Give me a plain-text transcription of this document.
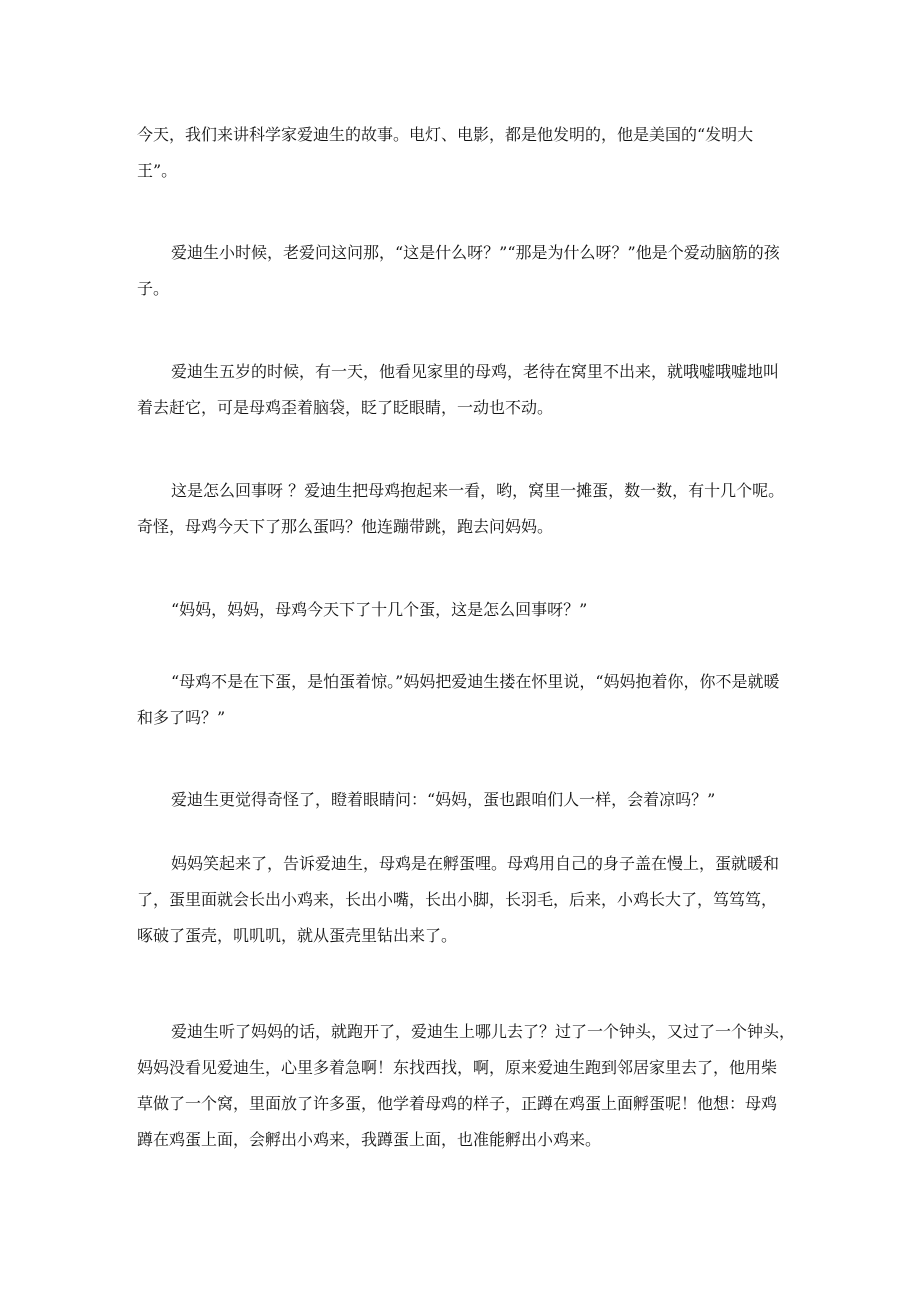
今天，我们来讲科学家爱迪生的故事。电灯、电影，都是他发明的，他是美国的“发明大
王”。
爱迪生小时候，老爱问这问那，“这是什么呀？”“那是为什么呀？”他是个爱动脑筋的孩
子。
爱迪生五岁的时候，有一天，他看见家里的母鸡，老待在窝里不出来，就哦嘘哦嘘地叫
着去赶它，可是母鸡歪着脑袋，眨了眨眼睛，一动也不动。
这是怎么回事呀 ？爱迪生把母鸡抱起来一看，哟，窝里一摊蛋，数一数，有十几个呢。
奇怪，母鸡今天下了那么蛋吗？他连蹦带跳，跑去问妈妈。
“妈妈，妈妈，母鸡今天下了十几个蛋，这是怎么回事呀？”
“母鸡不是在下蛋，是怕蛋着惊。”妈妈把爱迪生搂在怀里说，“妈妈抱着你，你不是就暖
和多了吗？”
爱迪生更觉得奇怪了，瞪着眼睛问：“妈妈，蛋也跟咱们人一样，会着凉吗？”
妈妈笑起来了，告诉爱迪生，母鸡是在孵蛋哩。母鸡用自己的身子盖在慢上，蛋就暖和
了，蛋里面就会长出小鸡来，长出小嘴，长出小脚，长羽毛，后来，小鸡长大了，笃笃笃，
啄破了蛋壳，叽叽叽，就从蛋壳里钻出来了。
爱迪生听了妈妈的话，就跑开了，爱迪生上哪儿去了？过了一个钟头，又过了一个钟头，
妈妈没看见爱迪生，心里多着急啊！东找西找，啊，原来爱迪生跑到邻居家里去了，他用柴
草做了一个窝，里面放了许多蛋，他学着母鸡的样子，正蹲在鸡蛋上面孵蛋呢！他想：母鸡
蹲在鸡蛋上面，会孵出小鸡来，我蹲蛋上面，也准能孵出小鸡来。
